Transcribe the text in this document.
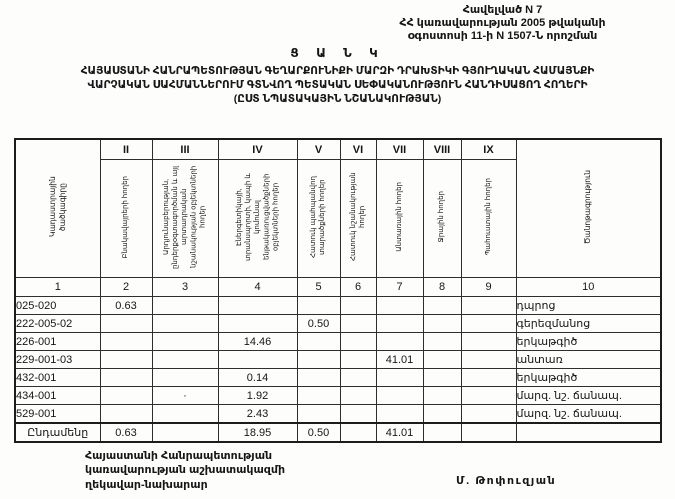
Հավելված N 7
ՀՀ կառավարության 2005 թվականի
օգոստոսի 11-ի N 1507-Ն որոշման
Ց Ա Ն Կ
ՀԱՅԱՍՏԱՆԻ ՀԱՆՐԱՊԵՏՈՒԹՅԱՆ ԳԵՂԱՐՔՈՒՆԻՔԻ ՄԱՐԶԻ ԴՐԱԽՏԻԿԻ ԳՅՈՒՂԱԿԱՆ ՀԱՄԱՅՆՔԻ
ՎԱՐՉԱԿԱՆ ՍԱՀՄԱՆՆԵՐՈՒՄ ԳՏՆՎՈՂ ՊԵՏԱԿԱՆ ՍԵՓԱԿԱՆՈՒԹՅՈՒՆ ՀԱՆԴԻՍԱՑՈՂ ՀՈՂԵՐԻ
(ԸՍՏ ՆՊԱՏԱԿԱՅԻՆ ՆՇԱՆԱԿՈՒԹՅԱՆ)
Կադաստրային ծածկագիրը	II	III	IV	V	VI	VII	VIII	IX	Ծանոթագրություն
	Բնակավայրերի հողեր	Արդյունաբերության, ընդերքօգտագործման և այլ արտադրական նշանակության օբյեկտների հողեր	Էներգետիկայի, տրանսպորտի, կապի և կոմունալ ենթակառուցվածքների օբյեկտների հողեր	Հատուկ պահպանվող տարածքների հողեր	Հատուկ նշանակության հողեր	Անտառային հողեր	Ջրային հողեր	Պահուստային հողեր	
1	2	3	4	5	6	7	8	9	10
025-020	0.63								դպրոց
222-005-02				0.50					գերեզմանոց
226-001			14.46						երկաթգիծ
229-001-03						41.01			անտառ
432-001			0.14						երկաթգիծ
434-001		·	1.92						մարզ. նշ. ճանապ.
529-001			2.43						մարզ. նշ. ճանապ.
Ընդամենը	0.63		18.95	0.50		41.01			
Հայաստանի Հանրապետության
կառավարության աշխատակազմի
ղեկավար-նախարար	Մ. Թոփուզյան
